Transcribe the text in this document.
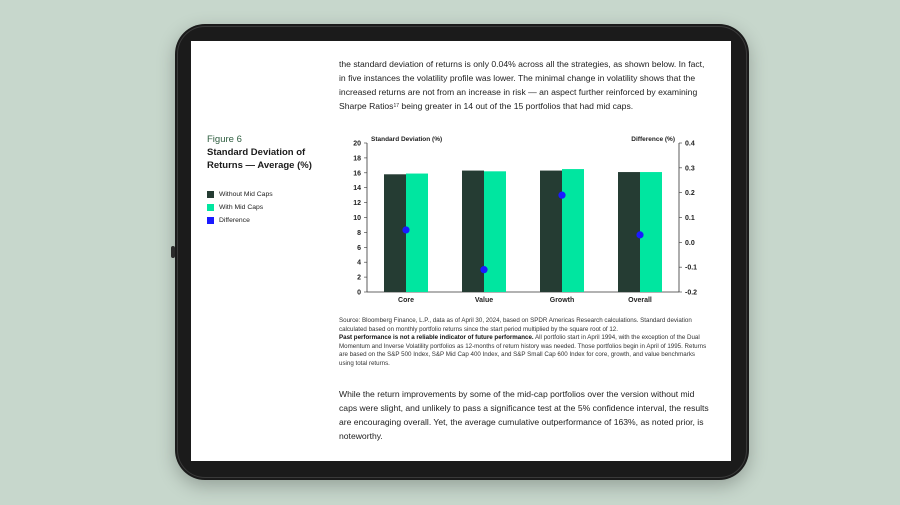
the standard deviation of returns is only 0.04% across all the strategies, as shown below. In fact, in five instances the volatility profile was lower. The minimal change in volatility shows that the increased returns are not from an increase in risk — an aspect further reinforced by examining Sharpe Ratios$^{17}$ being greater in 14 out of the 15 portfolios that had mid caps.

Figure 6
Standard Deviation of Returns — Average (%)
Without Mid Caps
With Mid Caps
Difference
Standard Deviation (%)	Difference (%)
0
2
4
6
8
10
12
14
16
18
20
-0.2
-0.1
0.0
0.1
0.2
0.3
0.4
Core	Value	Growth	Overall
Source: Bloomberg Finance, L.P., data as of April 30, 2024, based on SPDR Americas Research calculations. Standard deviation calculated based on monthly portfolio returns since the start period multiplied by the square root of 12.
Past performance is not a reliable indicator of future performance. All portfolio start in April 1994, with the exception of the Dual Momentum and Inverse Volatility portfolios as 12-months of return history was needed. Those portfolios begin in April of 1995. Returns are based on the S&P 500 Index, S&P Mid Cap 400 Index, and S&P Small Cap 600 Index for core, growth, and value benchmarks using total returns.

While the return improvements by some of the mid-cap portfolios over the version without mid caps were slight, and unlikely to pass a significance test at the 5% confidence interval, the results are encouraging overall. Yet, the average cumulative outperformance of 163%, as noted prior, is noteworthy.
